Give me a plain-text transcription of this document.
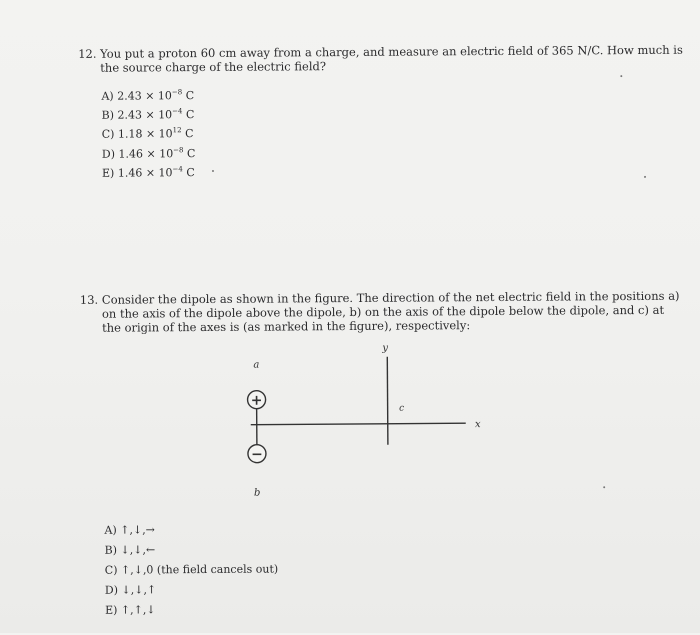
12. You put a proton 60 cm away from a charge, and measure an electric field of 365 N/C. How much is
the source charge of the electric field?
A) $2.43 \times 10^{-8}$ C
B) $2.43 \times 10^{-4}$ C
C) $1.18 \times 10^{12}$ C
D) $1.46 \times 10^{-8}$ C
E) $1.46 \times 10^{-4}$ C
13. Consider the dipole as shown in the figure. The direction of the net electric field in the positions a)
on the axis of the dipole above the dipole, b) on the axis of the dipole below the dipole, and c) at
the origin of the axes is (as marked in the figure), respectively:
+
−
a
b
c
y
x
A) ↑,↓,→
B) ↓,↓,←
C) ↑,↓,0 (the field cancels out)
D) ↓,↓,↑
E) ↑,↑,↓
